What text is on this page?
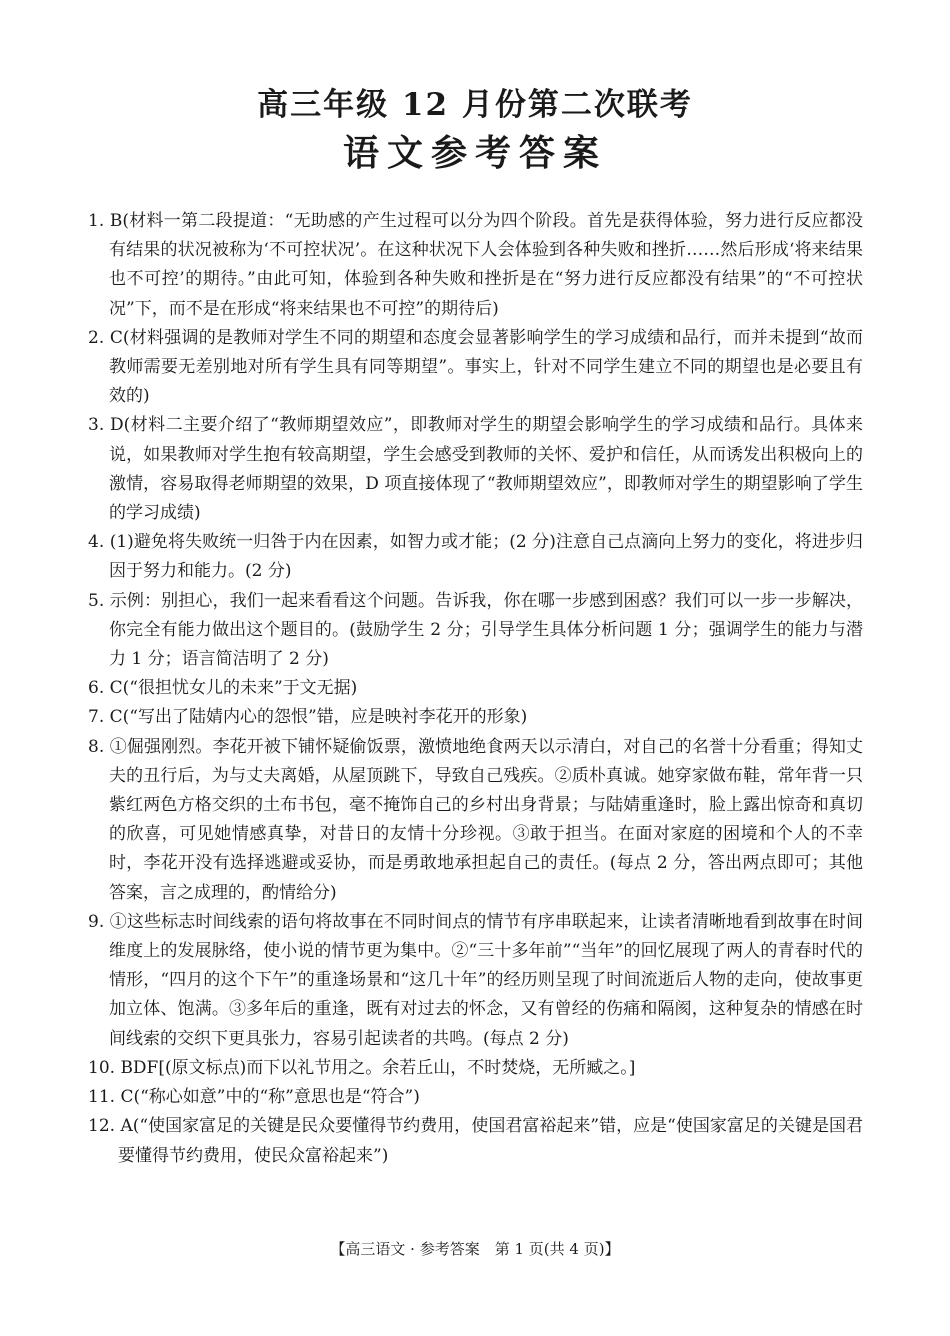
高三年级 12 月份第二次联考
语文参考答案
1. B(材料一第二段提道：“无助感的产生过程可以分为四个阶段。首先是获得体验，努力进行反应都没有结果的状况被称为‘不可控状况’。在这种状况下人会体验到各种失败和挫折……然后形成‘将来结果也不可控’的期待。”由此可知，体验到各种失败和挫折是在“努力进行反应都没有结果”的“不可控状况”下，而不是在形成“将来结果也不可控”的期待后)
2. C(材料强调的是教师对学生不同的期望和态度会显著影响学生的学习成绩和品行，而并未提到“故而教师需要无差别地对所有学生具有同等期望”。事实上，针对不同学生建立不同的期望也是必要且有效的)
3. D(材料二主要介绍了“教师期望效应”，即教师对学生的期望会影响学生的学习成绩和品行。具体来说，如果教师对学生抱有较高期望，学生会感受到教师的关怀、爱护和信任，从而诱发出积极向上的激情，容易取得老师期望的效果，D 项直接体现了“教师期望效应”，即教师对学生的期望影响了学生的学习成绩)
4. (1)避免将失败统一归咎于内在因素，如智力或才能；(2 分)注意自己点滴向上努力的变化，将进步归因于努力和能力。(2 分)
5. 示例：别担心，我们一起来看看这个问题。告诉我，你在哪一步感到困惑？我们可以一步一步解决，你完全有能力做出这个题目的。(鼓励学生 2 分；引导学生具体分析问题 1 分；强调学生的能力与潜力 1 分；语言简洁明了 2 分)
6. C(“很担忧女儿的未来”于文无据)
7. C(“写出了陆婧内心的怨恨”错，应是映衬李花开的形象)
8. ①倔强刚烈。李花开被下铺怀疑偷饭票，激愤地绝食两天以示清白，对自己的名誉十分看重；得知丈夫的丑行后，为与丈夫离婚，从屋顶跳下，导致自己残疾。②质朴真诚。她穿家做布鞋，常年背一只紫红两色方格交织的土布书包，毫不掩饰自己的乡村出身背景；与陆婧重逢时，脸上露出惊奇和真切的欣喜，可见她情感真挚，对昔日的友情十分珍视。③敢于担当。在面对家庭的困境和个人的不幸时，李花开没有选择逃避或妥协，而是勇敢地承担起自己的责任。(每点 2 分，答出两点即可；其他答案，言之成理的，酌情给分)
9. ①这些标志时间线索的语句将故事在不同时间点的情节有序串联起来，让读者清晰地看到故事在时间维度上的发展脉络，使小说的情节更为集中。②“三十多年前”“当年”的回忆展现了两人的青春时代的情形，“四月的这个下午”的重逢场景和“这几十年”的经历则呈现了时间流逝后人物的走向，使故事更加立体、饱满。③多年后的重逢，既有对过去的怀念，又有曾经的伤痛和隔阂，这种复杂的情感在时间线索的交织下更具张力，容易引起读者的共鸣。(每点 2 分)
10. BDF[(原文标点)而下以礼节用之。余若丘山，不时焚烧，无所臧之。]
11. C(“称心如意”中的“称”意思也是“符合”)
12. A(“使国家富足的关键是民众要懂得节约费用，使国君富裕起来”错，应是“使国家富足的关键是国君要懂得节约费用，使民众富裕起来”)
【高三语文 · 参考答案　第 1 页(共 4 页)】
